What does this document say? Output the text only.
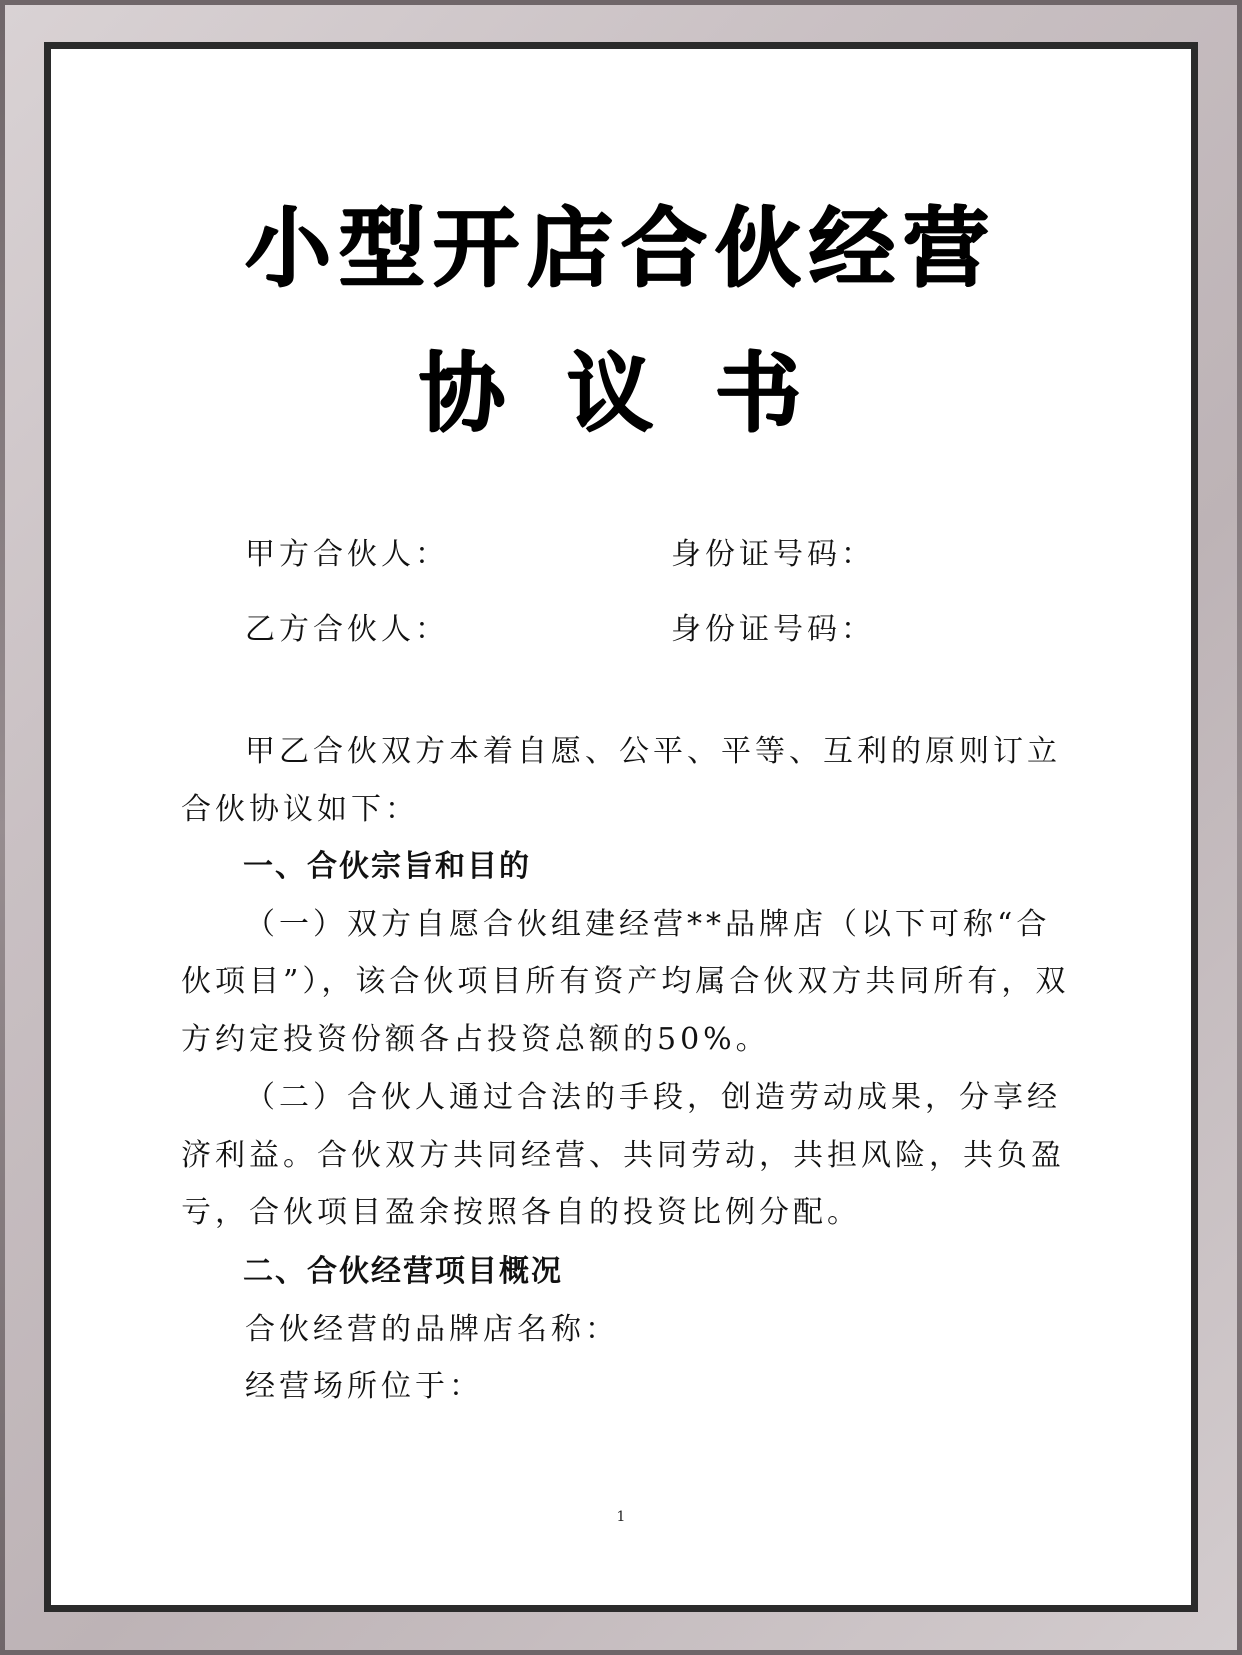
小型开店合伙经营
协议书
甲方合伙人：	身份证号码：
乙方合伙人：	身份证号码：
甲乙合伙双方本着自愿、公平、平等、互利的原则订立
合伙协议如下：
一、合伙宗旨和目的
（一）双方自愿合伙组建经营**品牌店（以下可称“合
伙项目”），该合伙项目所有资产均属合伙双方共同所有，双
方约定投资份额各占投资总额的50%。
（二）合伙人通过合法的手段，创造劳动成果，分享经
济利益。合伙双方共同经营、共同劳动，共担风险，共负盈
亏，合伙项目盈余按照各自的投资比例分配。
二、合伙经营项目概况
合伙经营的品牌店名称：
经营场所位于：
1
